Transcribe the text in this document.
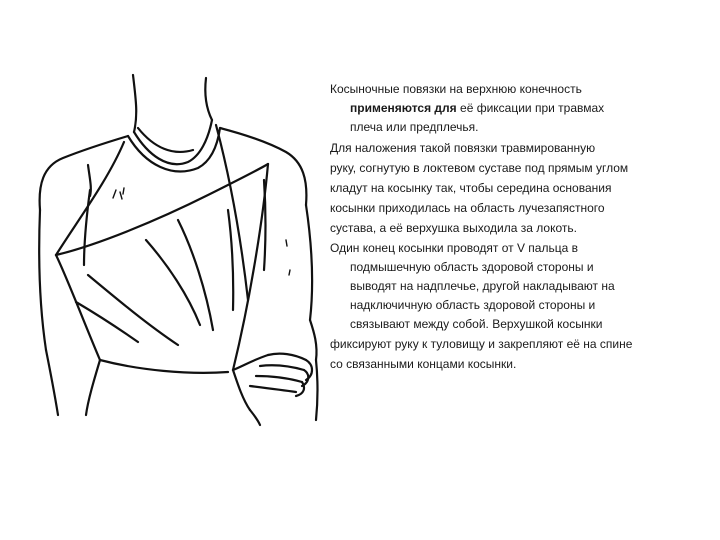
Косыночные повязки на верхнюю конечность
применяются для её фиксации при травмах
плеча или предплечья.

Для наложения такой повязки травмированную
руку, согнутую в локтевом суставе под прямым углом
кладут на косынку так, чтобы середина основания
косынки приходилась на область лучезапястного
сустава, а её верхушка выходила за локоть.

Один конец косынки проводят от V пальца в
подмышечную область здоровой стороны и
выводят на надплечье, другой накладывают на
надключичную область здоровой стороны и
связывают между собой. Верхушкой косынки
фиксируют руку к туловищу и закрепляют её на спине
со связанными концами косынки.
